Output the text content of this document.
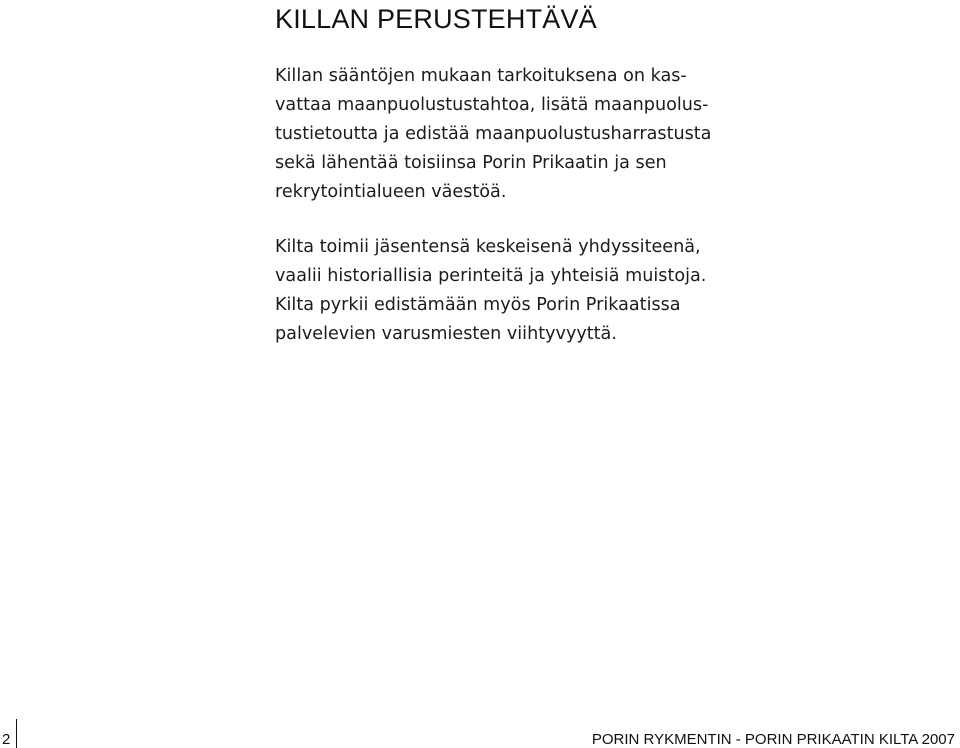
KILLAN PERUSTEHTÄVÄ
Killan sääntöjen mukaan tarkoituksena on kas-
vattaa maanpuolustustahtoa, lisätä maanpuolus-
tustietoutta ja edistää maanpuolustusharrastusta
sekä lähentää toisiinsa Porin Prikaatin ja sen
rekrytointialueen väestöä.
Kilta toimii jäsentensä keskeisenä yhdyssiteenä,
vaalii historiallisia perinteitä ja yhteisiä muistoja.
Kilta pyrkii edistämään myös Porin Prikaatissa
palvelevien varusmiesten viihtyvyyttä.
2	PORIN RYKMENTIN - PORIN PRIKAATIN KILTA 2007
